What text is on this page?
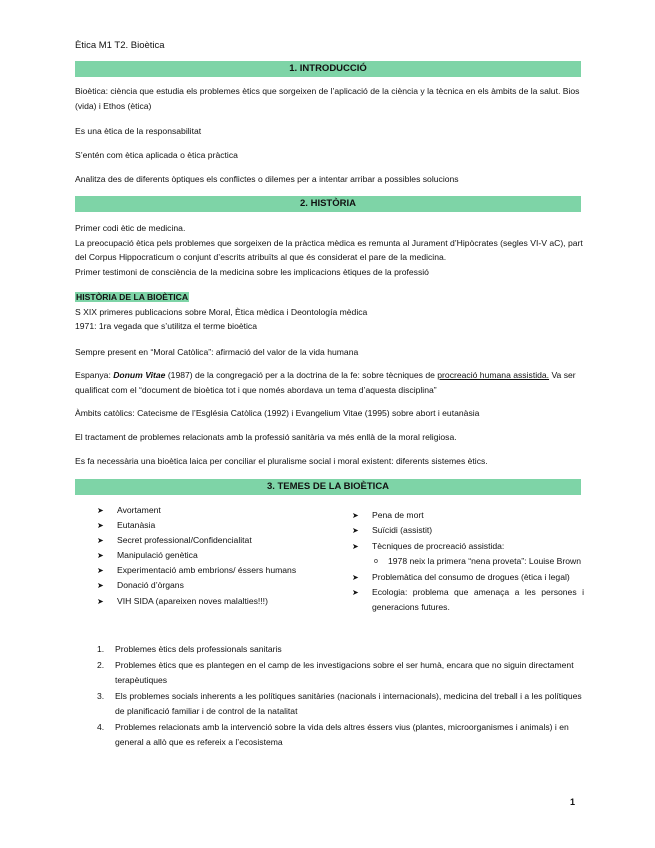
Ètica M1 T2. Bioètica
1. INTRODUCCIÓ
Bioètica: ciència que estudia els problemes ètics que sorgeixen de l’aplicació de la ciència y la tècnica en els àmbits de la salut. Bios (vida) i Ethos (ètica)
Es una ètica de la responsabilitat
S’entén com ètica aplicada o ètica pràctica
Analitza des de diferents òptiques els conflictes o dilemes per a intentar arribar a possibles solucions
2. HISTÒRIA
Primer codi ètic de medicina.
La preocupació ètica pels problemes que sorgeixen de la pràctica mèdica es remunta al Jurament d’Hipòcrates (segles VI-V aC), part del Corpus Hippocraticum o conjunt d’escrits atribuïts al que és considerat el pare de la medicina.
Primer testimoni de consciència de la medicina sobre les implicacions ètiques de la professió
HISTÒRIA DE LA BIOÈTICA
S XIX primeres publicacions sobre Moral, Ètica mèdica i Deontología mèdica
1971: 1ra vegada que s’utilitza el terme bioètica
Sempre present en “Moral Catòlica”: afirmació del valor de la vida humana
Espanya: Donum Vitae (1987) de la congregació per a la doctrina de la fe: sobre tècniques de procreació humana assistida. Va ser qualificat com el “document de bioètica tot i que només abordava un tema d’aquesta disciplina”
Àmbits catòlics: Catecisme de l’Església Catòlica (1992) i Evangelium Vitae (1995) sobre abort i eutanàsia
El tractament de problemes relacionats amb la professió sanitària va més enllà de la moral religiosa.
Es fa necessària una bioètica laica per conciliar el pluralisme social i moral existent: diferents sistemes ètics.
3. TEMES DE LA BIOÈTICA
➤ Avortament
➤ Eutanàsia
➤ Secret professional/Confidencialitat
➤ Manipulació genètica
➤ Experimentació amb embrions/ éssers humans
➤ Donació d’òrgans
➤ VIH SIDA (apareixen noves malalties!!!)
➤ Pena de mort
➤ Suïcidi (assistit)
➤ Tècniques de procreació assistida:
o 1978 neix la primera “nena proveta”: Louise Brown
➤ Problemàtica del consumo de drogues (ètica i legal)
➤ Ecologia: problema que amenaça a les persones i generacions futures.
1. Problemes ètics dels professionals sanitaris
2. Problemes ètics que es plantegen en el camp de les investigacions sobre el ser humà, encara que no siguin directament terapèutiques
3. Els problemes socials inherents a les polítiques sanitàries (nacionals i internacionals), medicina del treball i a les polítiques de planificació familiar i de control de la natalitat
4. Problemes relacionats amb la intervenció sobre la vida dels altres éssers vius (plantes, microorganismes i animals) i en general a allò que es refereix a l’ecosistema
1
